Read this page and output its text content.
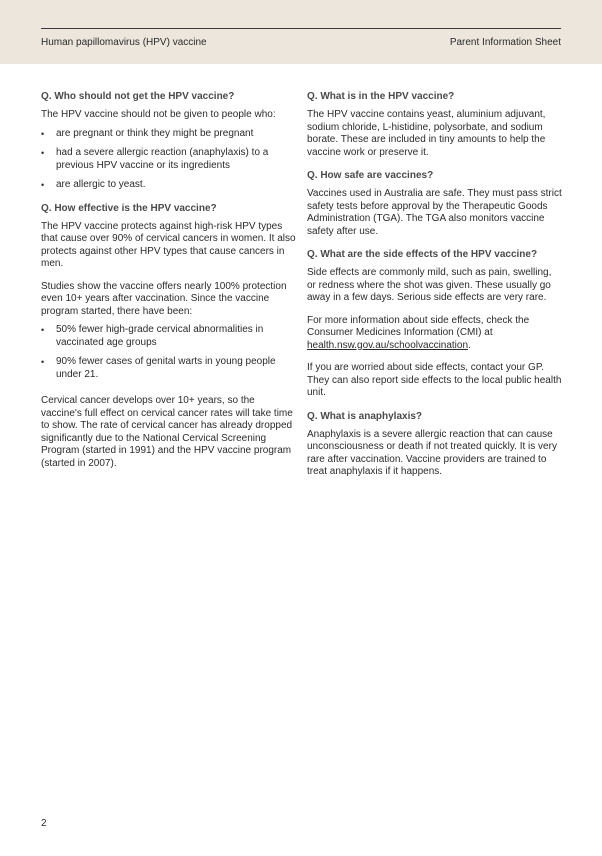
Human papillomavirus (HPV) vaccine	Parent Information Sheet

Q. Who should not get the HPV vaccine?

The HPV vaccine should not be given to people who:

• are pregnant or think they might be pregnant
• had a severe allergic reaction (anaphylaxis) to a previous HPV vaccine or its ingredients
• are allergic to yeast.

Q. How effective is the HPV vaccine?

The HPV vaccine protects against high-risk HPV types that cause over 90% of cervical cancers in women. It also protects against other HPV types that cause cancers in men.

Studies show the vaccine offers nearly 100% protection even 10+ years after vaccination. Since the vaccine program started, there have been:

• 50% fewer high-grade cervical abnormalities in vaccinated age groups
• 90% fewer cases of genital warts in young people under 21.

Cervical cancer develops over 10+ years, so the vaccine's full effect on cervical cancer rates will take time to show. The rate of cervical cancer has already dropped significantly due to the National Cervical Screening Program (started in 1991) and the HPV vaccine program (started in 2007).

Q. What is in the HPV vaccine?

The HPV vaccine contains yeast, aluminium adjuvant, sodium chloride, L-histidine, polysorbate, and sodium borate. These are included in tiny amounts to help the vaccine work or preserve it.

Q. How safe are vaccines?

Vaccines used in Australia are safe. They must pass strict safety tests before approval by the Therapeutic Goods Administration (TGA). The TGA also monitors vaccine safety after use.

Q. What are the side effects of the HPV vaccine?

Side effects are commonly mild, such as pain, swelling, or redness where the shot was given. These usually go away in a few days. Serious side effects are very rare.

For more information about side effects, check the Consumer Medicines Information (CMI) at health.nsw.gov.au/schoolvaccination.

If you are worried about side effects, contact your GP. They can also report side effects to the local public health unit.

Q. What is anaphylaxis?

Anaphylaxis is a severe allergic reaction that can cause unconsciousness or death if not treated quickly. It is very rare after vaccination. Vaccine providers are trained to treat anaphylaxis if it happens.

2
